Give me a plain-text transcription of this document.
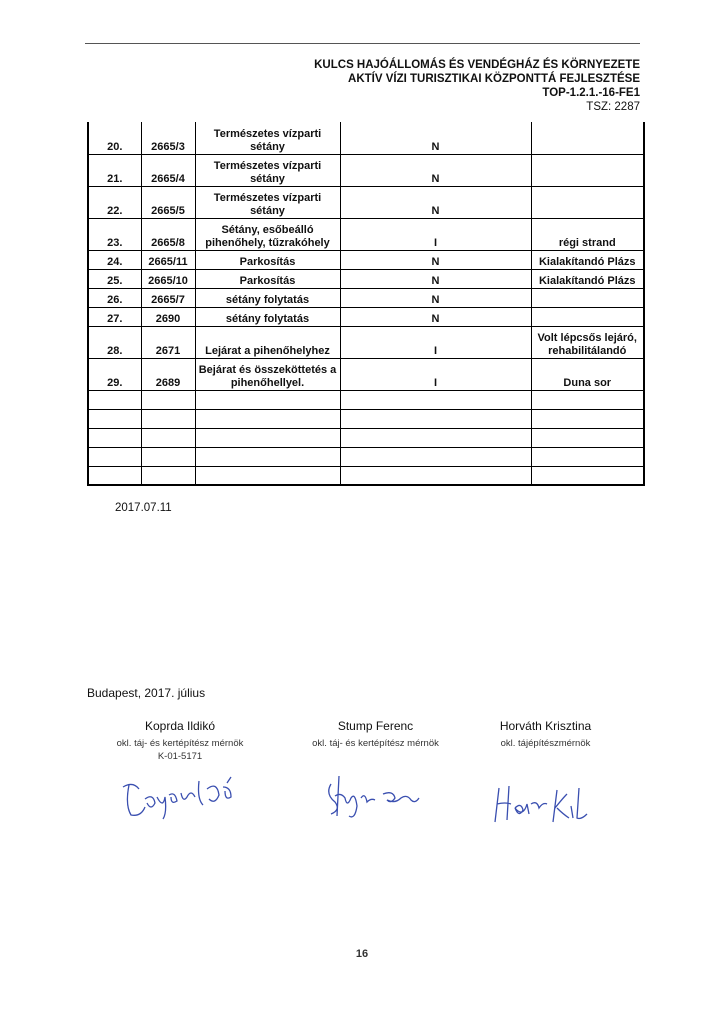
KULCS HAJÓÁLLOMÁS ÉS VENDÉGHÁZ ÉS KÖRNYEZETE
AKTÍV VÍZI TURISZTIKAI KÖZPONTTÁ FEJLESZTÉSE
TOP-1.2.1.-16-FE1
TSZ: 2287
20.	2665/3	Természetes vízparti
sétány	N	

21.	2665/4	Természetes vízparti
sétány	N	

22.	2665/5	Természetes vízparti
sétány	N	

23.	2665/8	Sétány, esőbeálló
pihenőhely, tűzrakóhely	I	régi strand

24.	2665/11	Parkosítás	N	Kialakítandó Plázs

25.	2665/10	Parkosítás	N	Kialakítandó Plázs

26.	2665/7	sétány folytatás	N	

27.	2690	sétány folytatás	N	

28.	2671	Lejárat a pihenőhelyhez	I	Volt lépcsős lejáró,
rehabilitálandó

29.	2689	Bejárat és összeköttetés a
pihenőhellyel.	I	Duna sor

2017.07.11
Budapest, 2017. július
Koprda Ildikó
okl. táj- és kertépítész mérnök
K-01-5171
Stump Ferenc
okl. táj- és kertépítész mérnök
Horváth Krisztina
okl. tájépítészmérnök
16
